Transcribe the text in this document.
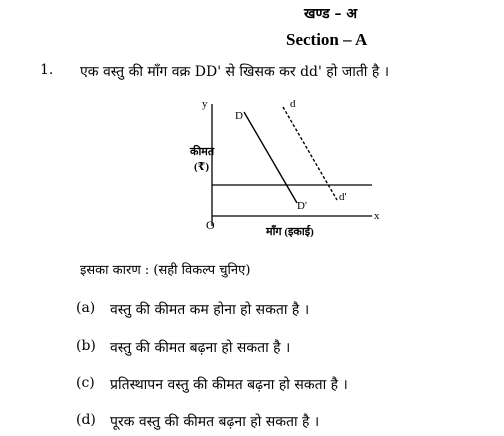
खण्ड – अ
Section – A
1. एक वस्तु की माँग वक्र DD' से खिसक कर dd' हो जाती है ।
y
x
O
कीमत
(₹)
माँग (इकाई)
D
D'
d
d'
इसका कारण : (सही विकल्प चुनिए)
(a) वस्तु की कीमत कम होना हो सकता है ।
(b) वस्तु की कीमत बढ़ना हो सकता है ।
(c) प्रतिस्थापन वस्तु की कीमत बढ़ना हो सकता है ।
(d) पूरक वस्तु की कीमत बढ़ना हो सकता है ।
